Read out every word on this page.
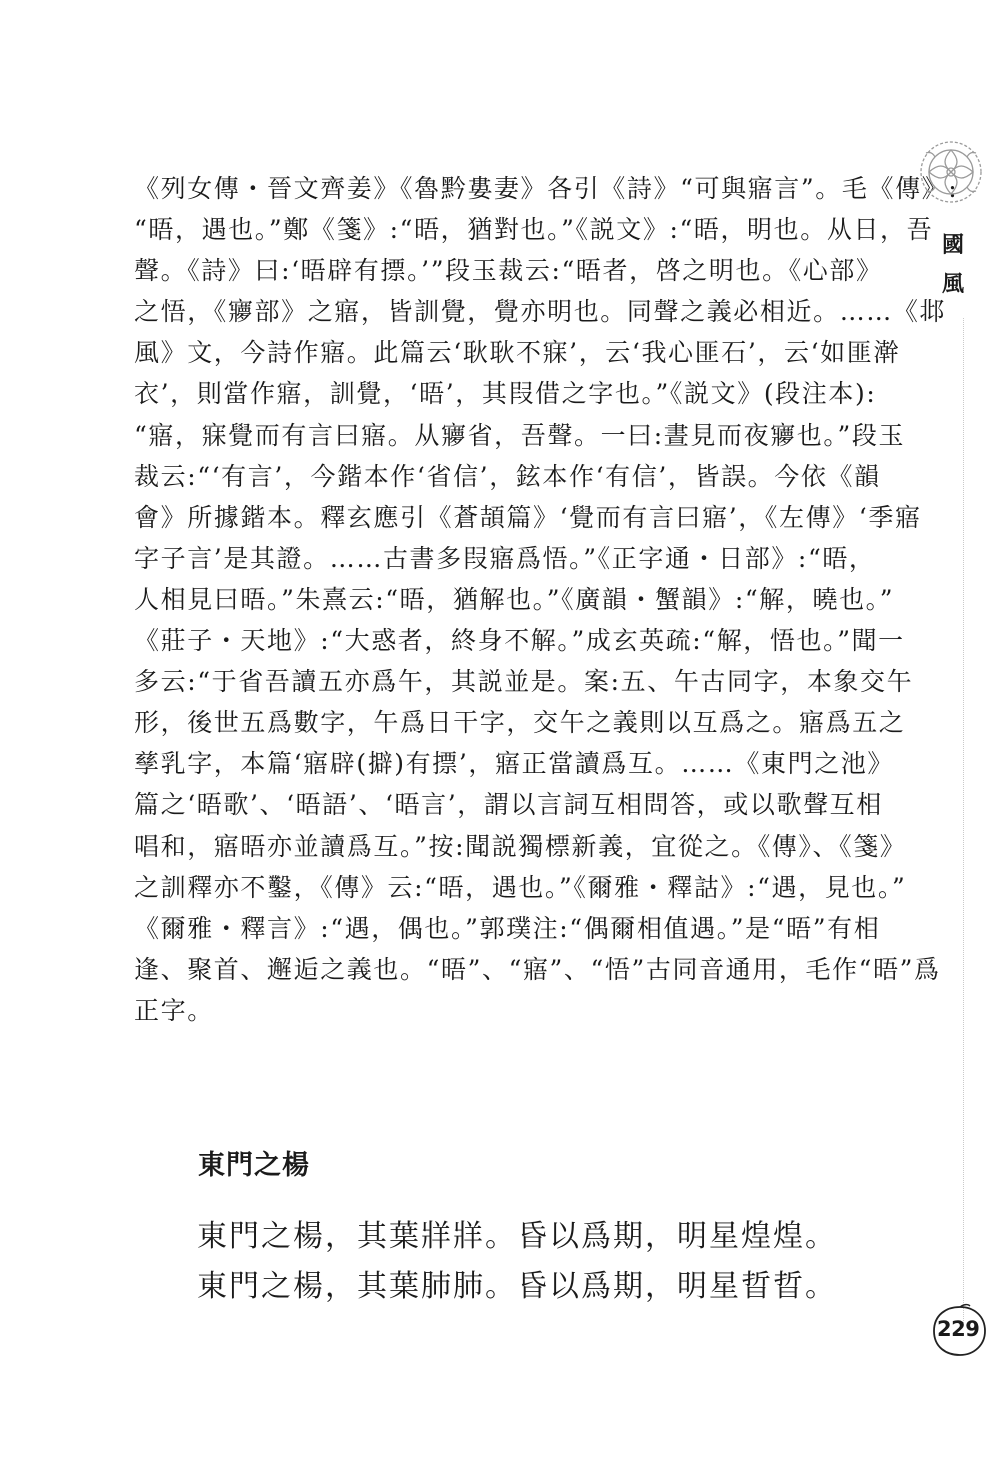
《列女傳・晉文齊姜》《魯黔婁妻》各引《詩》“可與寤言”。毛《傳》:
“晤，遇也。”鄭《箋》:“晤，猶對也。”《説文》:“晤，明也。从日，吾
聲。《詩》曰:‘晤辟有摽。’”段玉裁云:“晤者，啓之明也。《心部》
之悟，《㝱部》之寤，皆訓覺，覺亦明也。同聲之義必相近。……《邶
風》文，今詩作寤。此篇云‘耿耿不寐’，云‘我心匪石’，云‘如匪澣
衣’，則當作寤，訓覺，‘晤’，其叚借之字也。”《説文》(段注本):
“寤，寐覺而有言曰寤。从㝱省，吾聲。一曰:晝見而夜㝱也。”段玉
裁云:“‘有言’，今鍇本作‘省信’，鉉本作‘有信’，皆誤。今依《韻
會》所據鍇本。釋玄應引《蒼頡篇》‘覺而有言曰寤’，《左傳》‘季寤
字子言’是其證。……古書多叚寤爲悟。”《正字通・日部》:“晤，
人相見曰晤。”朱熹云:“晤，猶解也。”《廣韻・蟹韻》:“解，曉也。”
《莊子・天地》:“大惑者，終身不解。”成玄英疏:“解，悟也。”聞一
多云:“于省吾讀五亦爲午，其説並是。案:五、午古同字，本象交午
形，後世五爲數字，午爲日干字，交午之義則以互爲之。寤爲五之
孳乳字，本篇‘寤辟(擗)有摽’，寤正當讀爲互。……《東門之池》
篇之‘晤歌’、‘晤語’、‘晤言’，謂以言詞互相問答，或以歌聲互相
唱和，寤晤亦並讀爲互。”按:聞説獨標新義，宜從之。《傳》、《箋》
之訓釋亦不鑿，《傳》云:“晤，遇也。”《爾雅・釋詁》:“遇，見也。”
《爾雅・釋言》:“遇，偶也。”郭璞注:“偶爾相值遇。”是“晤”有相
逢、聚首、邂逅之義也。“晤”、“寤”、“悟”古同音通用，毛作“晤”爲
正字。
東門之楊
東門之楊，其葉牂牂。昏以爲期，明星煌煌。
東門之楊，其葉肺肺。昏以爲期，明星晢晢。
國
風
229
